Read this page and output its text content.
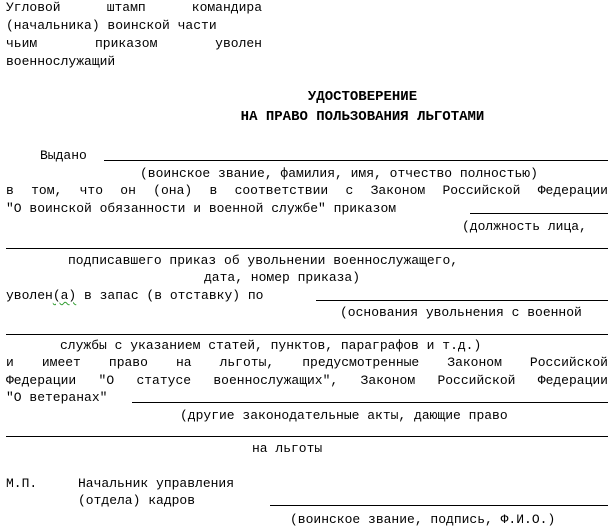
Угловой	штамп	командира
(начальника) воинской части
чьим	приказом	уволен
военнослужащий
УДОСТОВЕРЕНИЕ
НА ПРАВО ПОЛЬЗОВАНИЯ ЛЬГОТАМИ
Выдано
(воинское звание, фамилия, имя, отчество полностью)
в том, что он (она) в соответствии с Законом Российской Федерации
"О воинской обязанности и военной службе" приказом
(должность лица,
подписавшего приказ об увольнении военнослужащего,
дата, номер приказа)
уволен(а) в запас (в отставку) по
(основания увольнения с военной
службы с указанием статей, пунктов, параграфов и т.д.)
и имеет право на льготы, предусмотренные Законом Российской
Федерации "О статусе военнослужащих", Законом Российской Федерации
"О ветеранах"
(другие законодательные акты, дающие право
на льготы
М.П.	Начальник управления
(отдела) кадров
(воинское звание, подпись, Ф.И.О.)
